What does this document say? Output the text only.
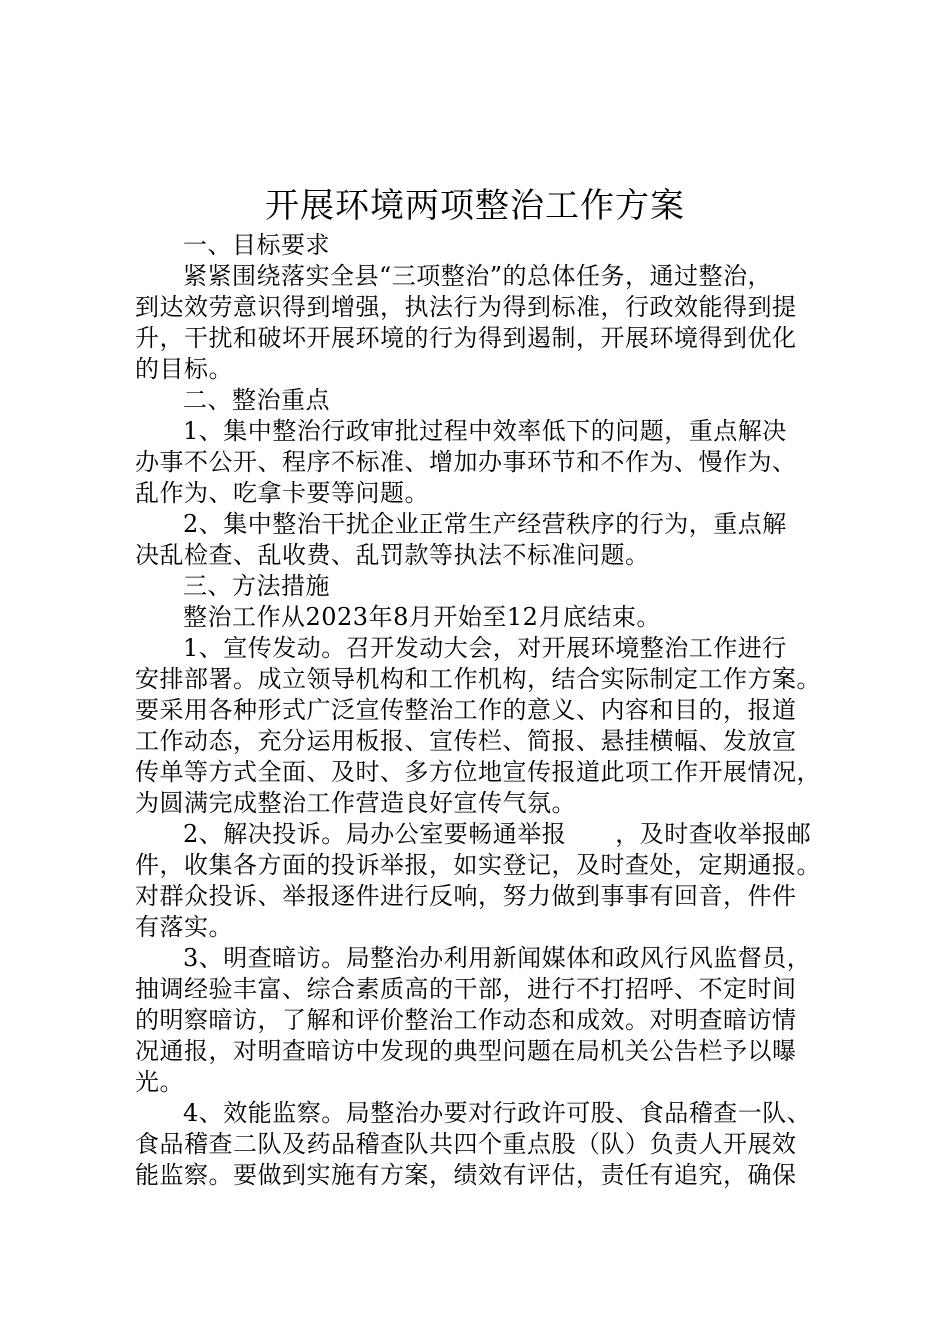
开展环境两项整治工作方案
一、目标要求
紧紧围绕落实全县“三项整治”的总体任务，通过整治，
到达效劳意识得到增强，执法行为得到标准，行政效能得到提
升，干扰和破坏开展环境的行为得到遏制，开展环境得到优化
的目标。
二、整治重点
1、集中整治行政审批过程中效率低下的问题，重点解决
办事不公开、程序不标准、增加办事环节和不作为、慢作为、
乱作为、吃拿卡要等问题。
2、集中整治干扰企业正常生产经营秩序的行为，重点解
决乱检查、乱收费、乱罚款等执法不标准问题。
三、方法措施
整治工作从2023年8月开始至12月底结束。
1、宣传发动。召开发动大会，对开展环境整治工作进行
安排部署。成立领导机构和工作机构，结合实际制定工作方案。
要采用各种形式广泛宣传整治工作的意义、内容和目的，报道
工作动态，充分运用板报、宣传栏、简报、悬挂横幅、发放宣
传单等方式全面、及时、多方位地宣传报道此项工作开展情况，
为圆满完成整治工作营造良好宣传气氛。
2、解决投诉。局办公室要畅通举报　　，及时查收举报邮
件，收集各方面的投诉举报，如实登记，及时查处，定期通报。
对群众投诉、举报逐件进行反响，努力做到事事有回音，件件
有落实。
3、明查暗访。局整治办利用新闻媒体和政风行风监督员，
抽调经验丰富、综合素质高的干部，进行不打招呼、不定时间
的明察暗访，了解和评价整治工作动态和成效。对明查暗访情
况通报，对明查暗访中发现的典型问题在局机关公告栏予以曝
光。
4、效能监察。局整治办要对行政许可股、食品稽查一队、
食品稽查二队及药品稽查队共四个重点股（队）负责人开展效
能监察。要做到实施有方案，绩效有评估，责任有追究，确保
